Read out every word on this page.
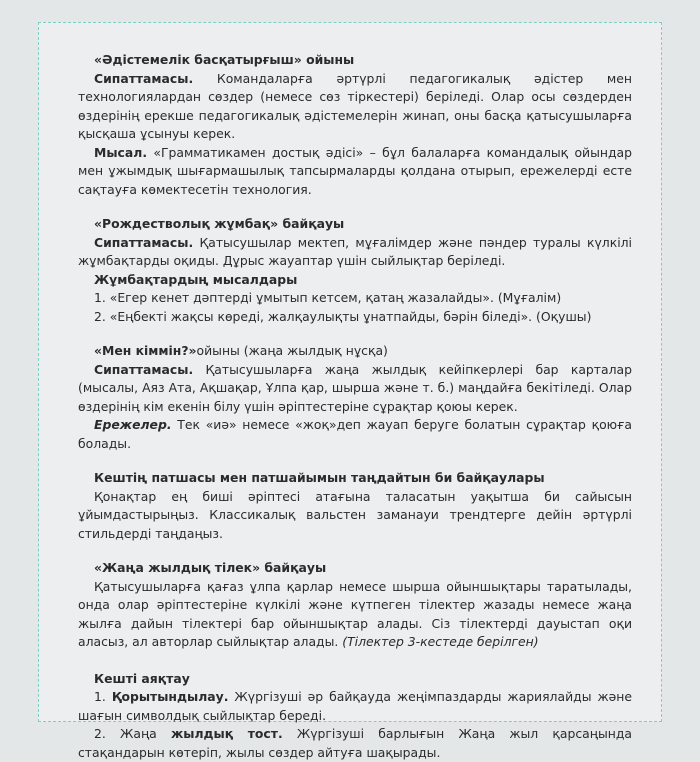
«Әдістемелік басқатырғыш» ойыны

Сипаттамасы. Командаларға әртүрлі педагогикалық әдістер мен технологиялардан сөздер (немесе сөз тіркестері) беріледі. Олар осы сөздерден өздерінің ерекше педагогикалық әдістемелерін жинап, оны басқа қатысушыларға қысқаша ұсынуы керек.

Мысал. «Грамматикамен достық әдісі» – бұл балаларға командалық ойындар мен ұжымдық шығармашылық тапсырмаларды қолдана отырып, ережелерді есте сақтауға көмектесетін технология.

«Рождестволық жұмбақ» байқауы

Сипаттамасы. Қатысушылар мектеп, мұғалімдер және пәндер туралы күлкілі жұмбақтарды оқиды. Дұрыс жауаптар үшін сыйлықтар беріледі.

Жұмбақтардың мысалдары

1. «Егер кенет дәптерді ұмытып кетсем, қатаң жазалайды». (Мұғалім)

2. «Еңбекті жақсы көреді, жалқаулықты ұнатпайды, бәрін біледі». (Оқушы)

«Мен кіммін?»ойыны (жаңа жылдық нұсқа)

Сипаттамасы. Қатысушыларға жаңа жылдық кейіпкерлері бар карталар (мысалы, Аяз Ата, Ақшақар, Ұлпа қар, шырша және т. б.) маңдайға бекітіледі. Олар өздерінің кім екенін білу үшін әріптестеріне сұрақтар қоюы керек.

Ережелер. Тек «иә» немесе «жоқ»деп жауап беруге болатын сұрақтар қоюға болады.

Кештің патшасы мен патшайымын таңдайтын би байқаулары

Қонақтар ең биші әріптесі атағына таласатын уақытша би сайысын ұйымдастырыңыз. Классикалық вальстен заманауи трендтерге дейін әртүрлі стильдерді таңдаңыз.

«Жаңа жылдық тілек» байқауы

Қатысушыларға қағаз ұлпа қарлар немесе шырша ойыншықтары таратылады, онда олар әріптестеріне күлкілі және күтпеген тілектер жазады немесе жаңа жылға дайын тілектері бар ойыншықтар алады. Сіз тілектерді дауыстап оқи аласыз, ал авторлар сыйлықтар алады. (Тілектер 3-кестеде берілген)

Кешті аяқтау

1. Қорытындылау. Жүргізуші әр байқауда жеңімпаздарды жариялайды және шағын символдық сыйлықтар береді.

2. Жаңа жылдық тост. Жүргізуші барлығын Жаңа жыл қарсаңында стақандарын көтеріп, жылы сөздер айтуға шақырады.
